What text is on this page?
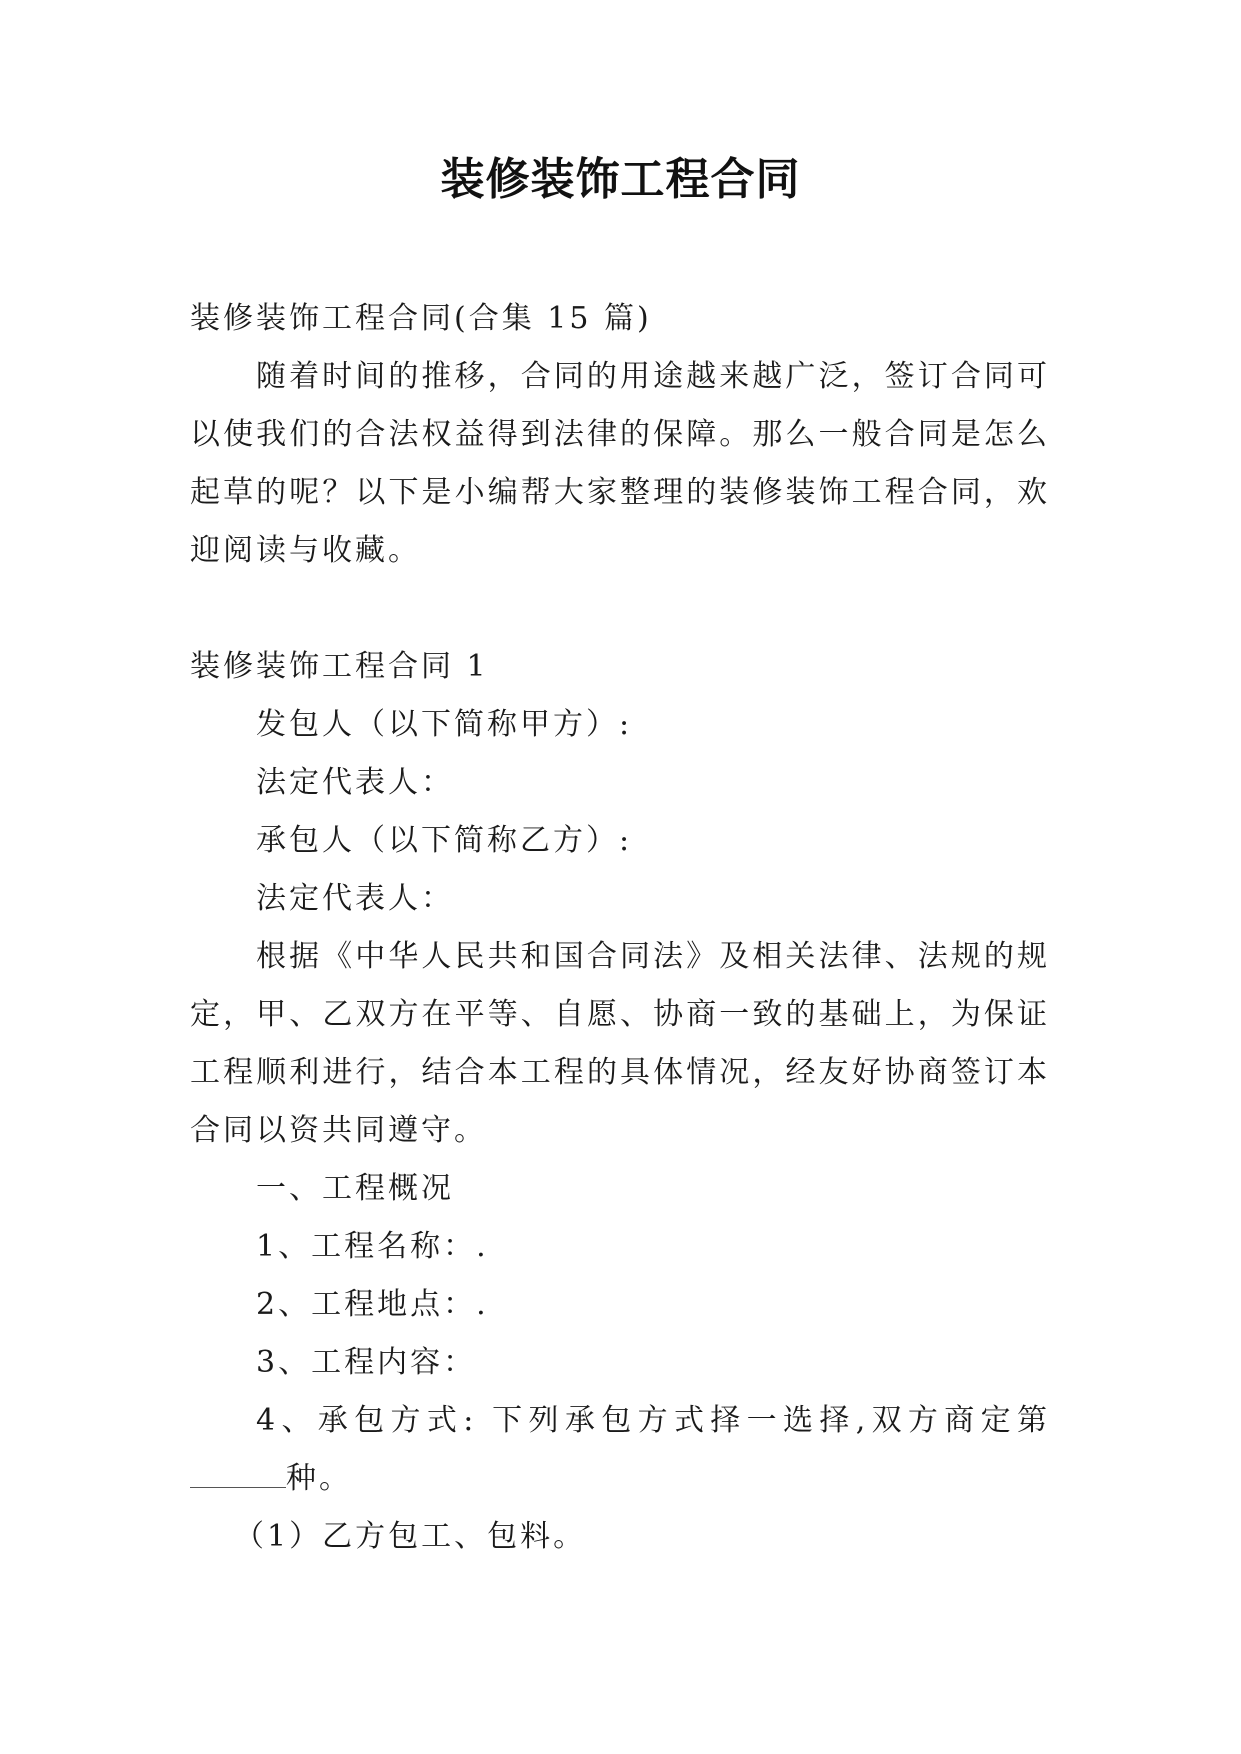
装修装饰工程合同

装修装饰工程合同(合集 15 篇)

随着时间的推移，合同的用途越来越广泛，签订合同可以使我们的合法权益得到法律的保障。那么一般合同是怎么起草的呢？以下是小编帮大家整理的装修装饰工程合同，欢迎阅读与收藏。

装修装饰工程合同 1

发包人（以下简称甲方）:

法定代表人：

承包人（以下简称乙方）:

法定代表人：

根据《中华人民共和国合同法》及相关法律、法规的规定，甲、乙双方在平等、自愿、协商一致的基础上，为保证工程顺利进行，结合本工程的具体情况，经友好协商签订本合同以资共同遵守。

一、工程概况

1、工程名称：.

2、工程地点：.

3、工程内容：

4、承包方式: 下列承包方式择一选择,双方商定第种。

（1）乙方包工、包料。
